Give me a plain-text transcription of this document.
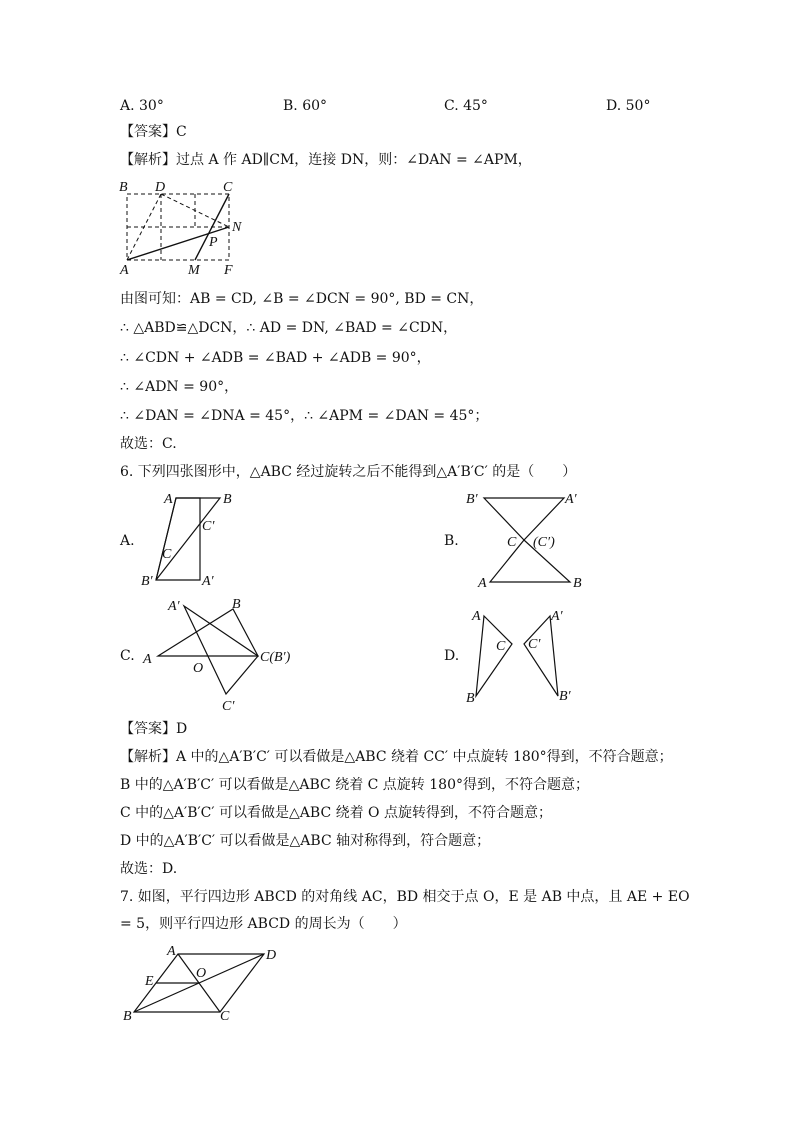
A. 30°	B. 60°	C. 45°	D. 50°
【答案】C
【解析】过点 A 作 AD∥CM，连接 DN，则：∠DAN = ∠APM，
B D	C
N
P
A	M F
由图可知：AB = CD, ∠B = ∠DCN = 90°, BD = CN，
∴ △ABD≌△DCN，∴ AD = DN, ∠BAD = ∠CDN，
∴ ∠CDN + ∠ADB = ∠BAD + ∠ADB = 90°，
∴ ∠ADN = 90°，
∴ ∠DAN = ∠DNA = 45°，∴ ∠APM = ∠DAN = 45°；
故选：C.
6. 下列四张图形中，△ABC 经过旋转之后不能得到△A′B′C′ 的是（　　）
A.
A	B
C′
C
B′	A′
B.
B′	A′
C (C′)
A	B
C.
A′	B
A
O
C(B′)
C′
D.
A
C
B
A′
C′
B′
【答案】D
【解析】A 中的△A′B′C′ 可以看做是△ABC 绕着 CC′ 中点旋转 180°得到，不符合题意；
B 中的△A′B′C′ 可以看做是△ABC 绕着 C 点旋转 180°得到，不符合题意；
C 中的△A′B′C′ 可以看做是△ABC 绕着 O 点旋转得到，不符合题意；
D 中的△A′B′C′ 可以看做是△ABC 轴对称得到，符合题意；
故选：D.
7. 如图，平行四边形 ABCD 的对角线 AC，BD 相交于点 O，E 是 AB 中点，且 AE + EO
= 5，则平行四边形 ABCD 的周长为（　　）
A	D
E
O
B	C
